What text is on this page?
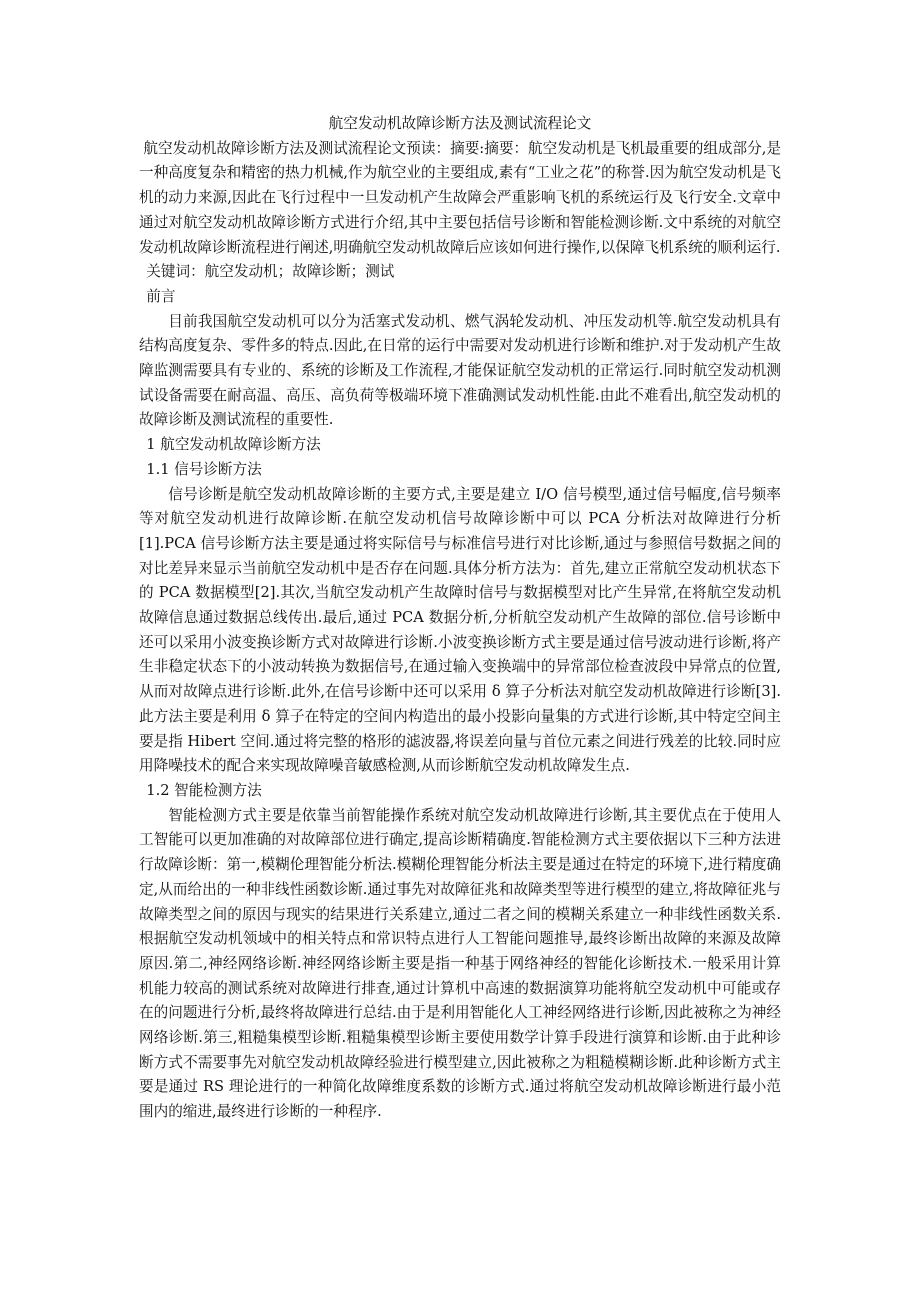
航空发动机故障诊断方法及测试流程论文

航空发动机故障诊断方法及测试流程论文预读：摘要:摘要：航空发动机是飞机最重要的组成部分,是一种高度复杂和精密的热力机械,作为航空业的主要组成,素有“工业之花”的称誉.因为航空发动机是飞机的动力来源,因此在飞行过程中一旦发动机产生故障会严重影响飞机的系统运行及飞行安全.文章中通过对航空发动机故障诊断方式进行介绍,其中主要包括信号诊断和智能检测诊断.文中系统的对航空发动机故障诊断流程进行阐述,明确航空发动机故障后应该如何进行操作,以保障飞机系统的顺利运行.

关键词：航空发动机；故障诊断；测试

前言

目前我国航空发动机可以分为活塞式发动机、燃气涡轮发动机、冲压发动机等.航空发动机具有结构高度复杂、零件多的特点.因此,在日常的运行中需要对发动机进行诊断和维护.对于发动机产生故障监测需要具有专业的、系统的诊断及工作流程,才能保证航空发动机的正常运行.同时航空发动机测试设备需要在耐高温、高压、高负荷等极端环境下准确测试发动机性能.由此不难看出,航空发动机的故障诊断及测试流程的重要性.

1 航空发动机故障诊断方法

1.1 信号诊断方法

信号诊断是航空发动机故障诊断的主要方式,主要是建立 I/O 信号模型,通过信号幅度,信号频率等对航空发动机进行故障诊断.在航空发动机信号故障诊断中可以 PCA 分析法对故障进行分析[1].PCA 信号诊断方法主要是通过将实际信号与标准信号进行对比诊断,通过与参照信号数据之间的对比差异来显示当前航空发动机中是否存在问题.具体分析方法为：首先,建立正常航空发动机状态下的 PCA 数据模型[2].其次,当航空发动机产生故障时信号与数据模型对比产生异常,在将航空发动机故障信息通过数据总线传出.最后,通过 PCA 数据分析,分析航空发动机产生故障的部位.信号诊断中还可以采用小波变换诊断方式对故障进行诊断.小波变换诊断方式主要是通过信号波动进行诊断,将产生非稳定状态下的小波动转换为数据信号,在通过输入变换端中的异常部位检查波段中异常点的位置,从而对故障点进行诊断.此外,在信号诊断中还可以采用 δ 算子分析法对航空发动机故障进行诊断[3].此方法主要是利用 δ 算子在特定的空间内构造出的最小投影向量集的方式进行诊断,其中特定空间主要是指 Hibert 空间.通过将完整的格形的滤波器,将误差向量与首位元素之间进行残差的比较.同时应用降噪技术的配合来实现故障噪音敏感检测,从而诊断航空发动机故障发生点.

1.2 智能检测方法

智能检测方式主要是依靠当前智能操作系统对航空发动机故障进行诊断,其主要优点在于使用人工智能可以更加准确的对故障部位进行确定,提高诊断精确度.智能检测方式主要依据以下三种方法进行故障诊断：第一,模糊伦理智能分析法.模糊伦理智能分析法主要是通过在特定的环境下,进行精度确定,从而给出的一种非线性函数诊断.通过事先对故障征兆和故障类型等进行模型的建立,将故障征兆与故障类型之间的原因与现实的结果进行关系建立,通过二者之间的模糊关系建立一种非线性函数关系.根据航空发动机领域中的相关特点和常识特点进行人工智能问题推导,最终诊断出故障的来源及故障原因.第二,神经网络诊断.神经网络诊断主要是指一种基于网络神经的智能化诊断技术.一般采用计算机能力较高的测试系统对故障进行排查,通过计算机中高速的数据演算功能将航空发动机中可能或存在的问题进行分析,最终将故障进行总结.由于是利用智能化人工神经网络进行诊断,因此被称之为神经网络诊断.第三,粗糙集模型诊断.粗糙集模型诊断主要使用数学计算手段进行演算和诊断.由于此种诊断方式不需要事先对航空发动机故障经验进行模型建立,因此被称之为粗糙模糊诊断.此种诊断方式主要是通过 RS 理论进行的一种简化故障维度系数的诊断方式.通过将航空发动机故障诊断进行最小范围内的缩进,最终进行诊断的一种程序.
